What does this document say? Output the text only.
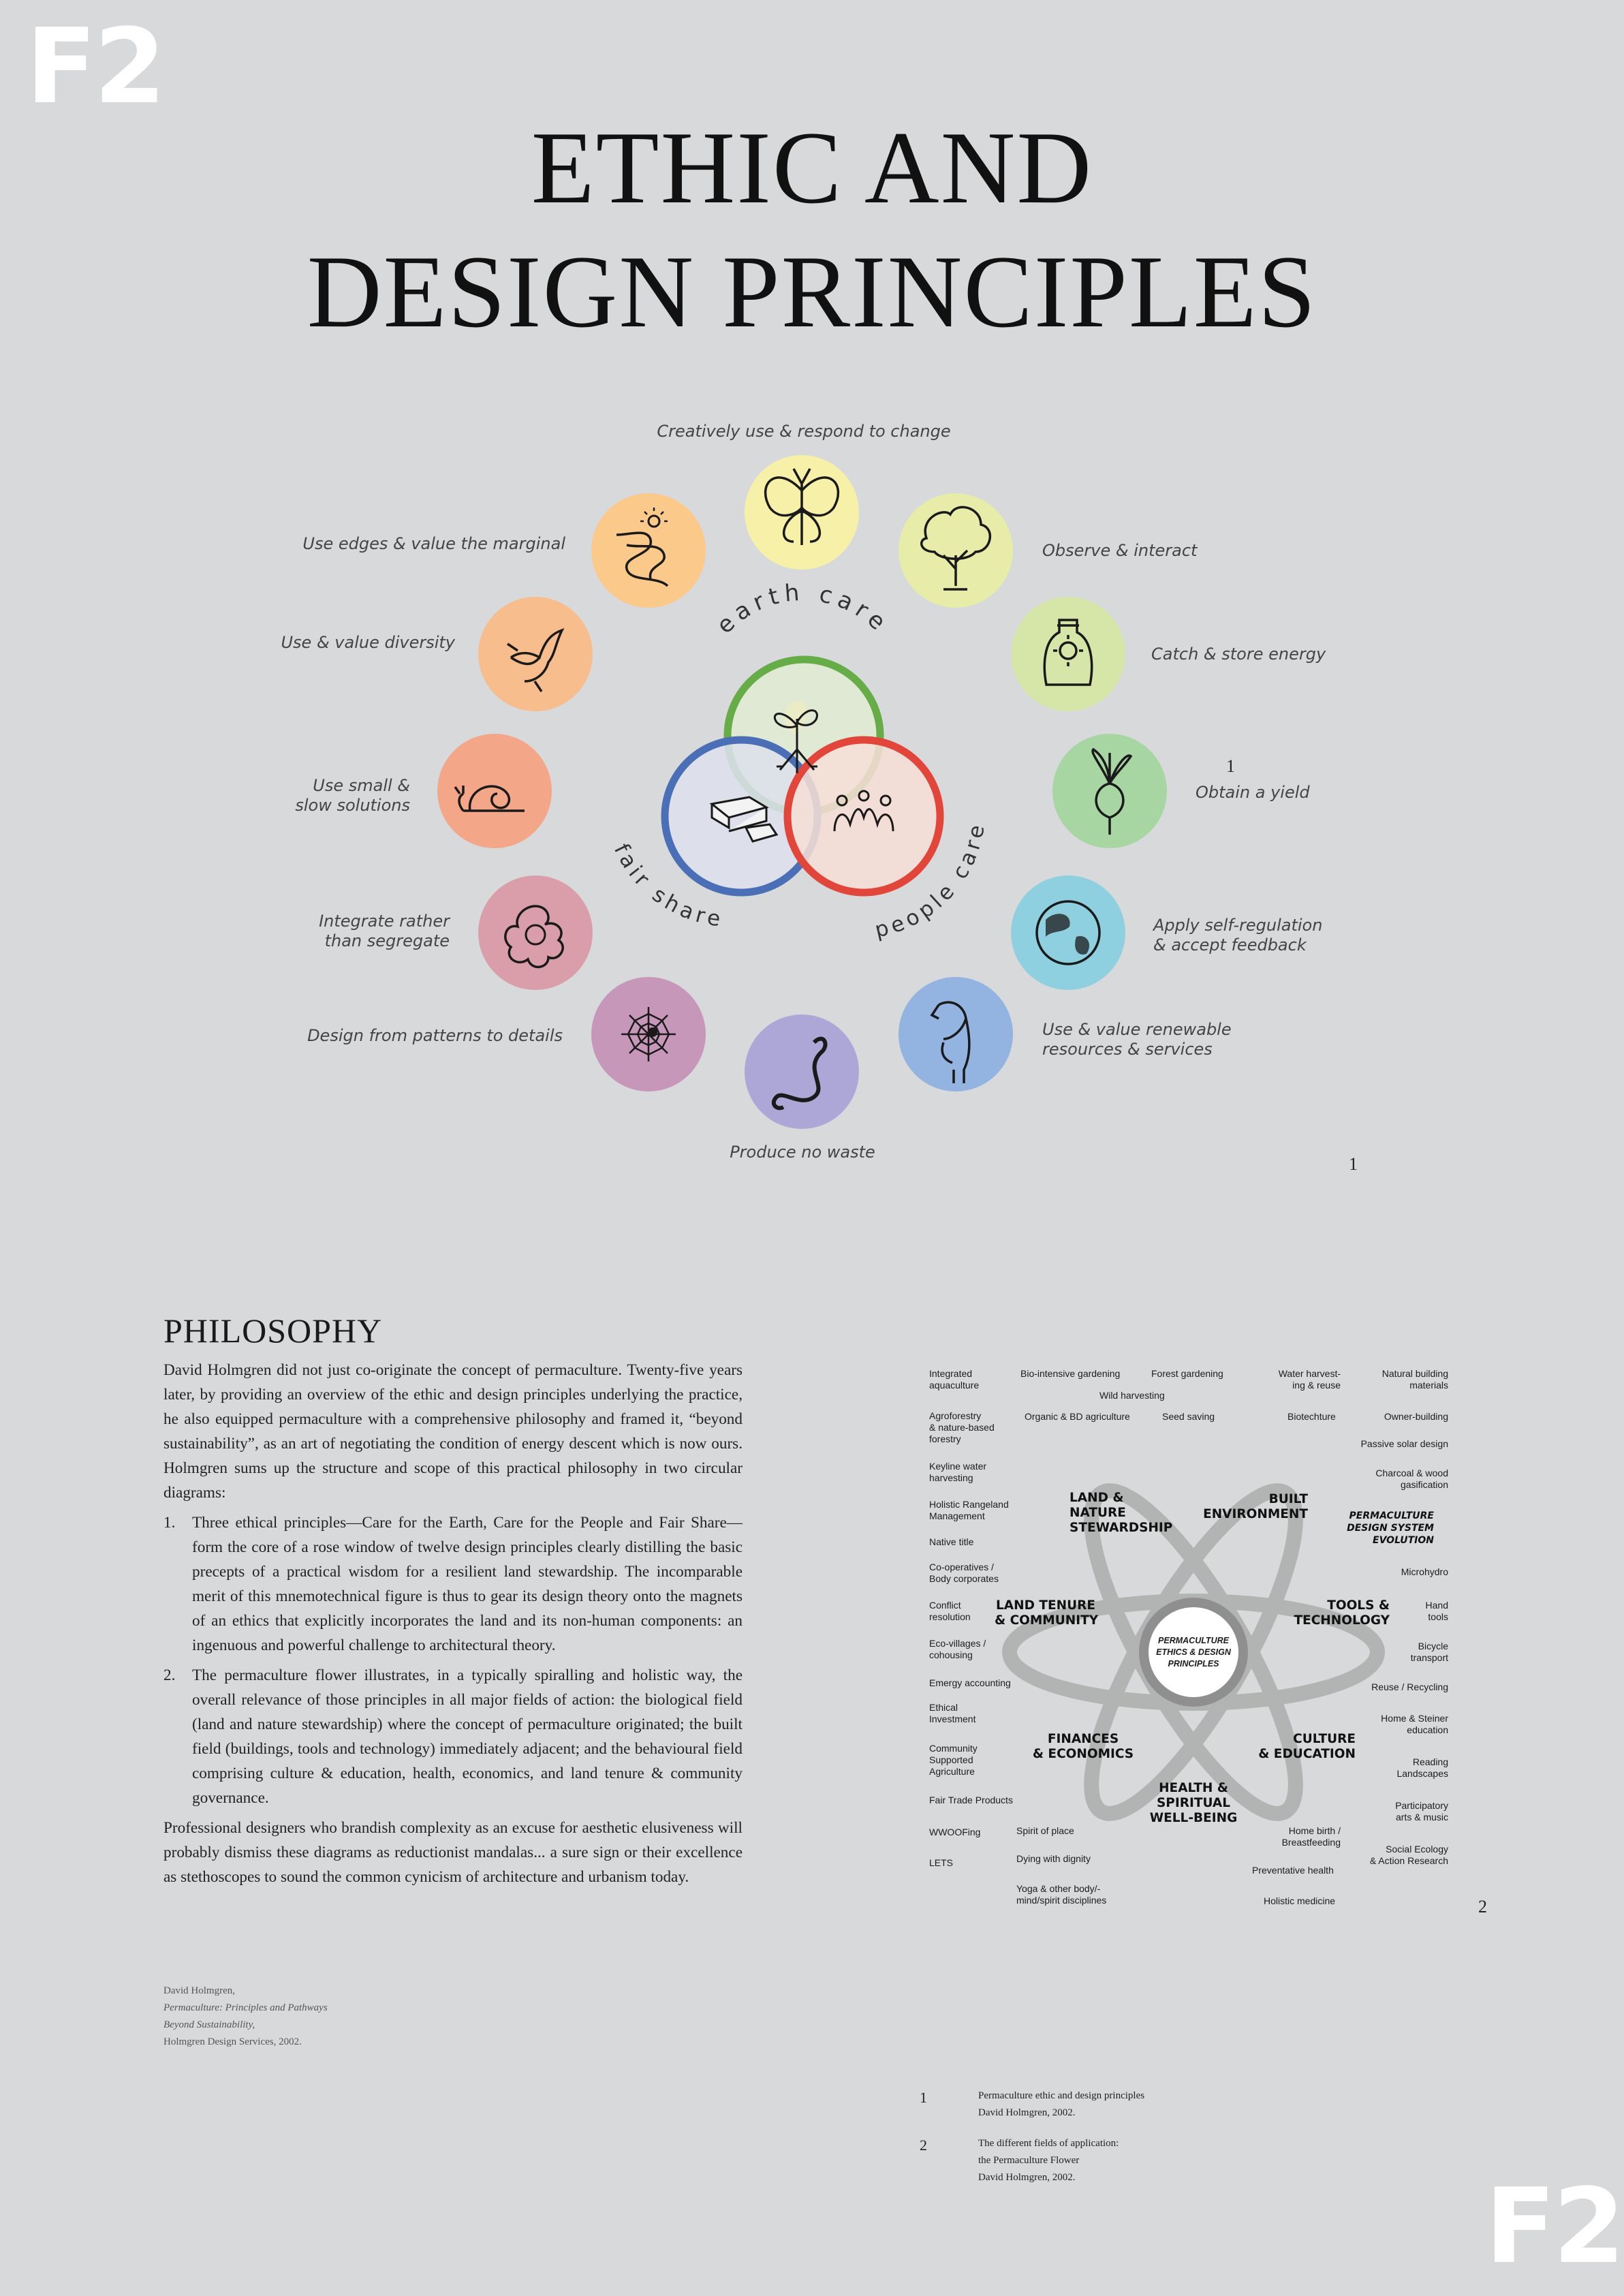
F2
F2
ETHIC AND
DESIGN PRINCIPLES
earth care
fair share	people care
Creatively use & respond to change
Observe & interact
Catch & store energy
Obtain a yield
Apply self-regulation
& accept feedback
Use & value renewable
resources & services
Produce no waste
Design from patterns to details
Integrate rather
than segregate
Use small &
slow solutions
Use & value diversity
Use edges & value the marginal
1
1
PHILOSOPHY

David Holmgren did not just co-originate the concept of permaculture. Twenty-five years later, by providing an overview of the ethic and design principles underlying the practice, he also equipped permaculture with a comprehensive philosophy and framed it, “beyond sustainability”, as an art of negotiating the condition of energy descent which is now ours. Holmgren sums up the structure and scope of this practical philosophy in two circular diagrams:

1. Three ethical principles—Care for the Earth, Care for the People and Fair Share—form the core of a rose window of twelve design principles clearly distilling the basic precepts of a practical wisdom for a resilient land stewardship. The incomparable merit of this mnemotechnical figure is thus to gear its design theory onto the magnets of an ethics that explicitly incorporates the land and its non-human components: an ingenuous and powerful challenge to architectural theory.
2. The permaculture flower illustrates, in a typically spiralling and holistic way, the overall relevance of those principles in all major fields of action: the biological field (land and nature stewardship) where the concept of permaculture originated; the built field (buildings, tools and technology) immediately adjacent; and the behavioural field comprising culture & education, health, economics, and land tenure & community governance.

Professional designers who brandish complexity as an excuse for aesthetic elusiveness will probably dismiss these diagrams as reductionist mandalas... a sure sign or their excellence as stethoscopes to sound the common cynicism of architecture and urbanism today.

David Holmgren,
Permaculture: Principles and Pathways
Beyond Sustainability,
Holmgren Design Services, 2002.
PERMACULTURE
ETHICS & DESIGN
PRINCIPLES
LAND &
NATURE
STEWARDSHIP
BUILT
ENVIRONMENT
TOOLS &
TECHNOLOGY
CULTURE
& EDUCATION
HEALTH &
SPIRITUAL
WELL-BEING
FINANCES
& ECONOMICS
LAND TENURE
& COMMUNITY
PERMACULTURE
DESIGN SYSTEM
EVOLUTION
Integrated
aquaculture
Agroforestry
& nature-based
forestry
Keyline water
harvesting
Holistic Rangeland
Management
Native title
Co-operatives /
Body corporates
Conflict
resolution
Eco-villages /
cohousing
Emergy accounting
Ethical
Investment
Community
Supported
Agriculture
Fair Trade Products
WWOOFing
LETS
Bio-intensive gardening
Wild harvesting
Forest gardening	Water harvest-
ing & reuse
Organic & BD agriculture	Seed saving	Biotechture
Natural building
materials
Owner-building
Passive solar design
Charcoal & wood
gasification
Microhydro
Hand
tools
Bicycle
transport
Reuse / Recycling
Home & Steiner
education
Reading
Landscapes
Participatory
arts & music
Social Ecology
& Action Research
Spirit of place
Dying with dignity
Yoga & other body/-
mind/spirit disciplines
Home birth /
Breastfeeding
Preventative health
Holistic medicine	2
1	Permaculture ethic and design principles
David Holmgren, 2002.
2	The different fields of application:
the Permaculture Flower
David Holmgren, 2002.
